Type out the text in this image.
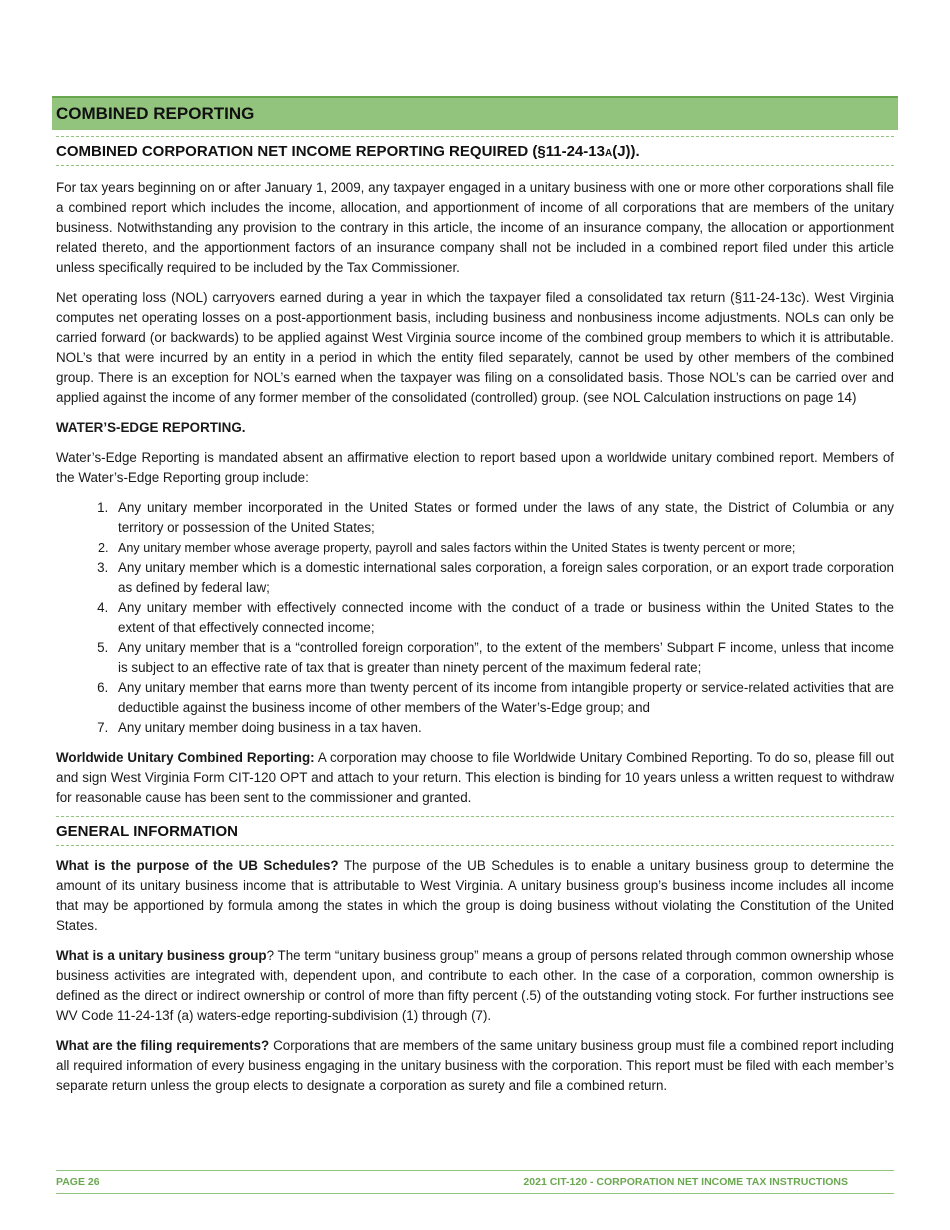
COMBINED REPORTING
COMBINED CORPORATION NET INCOME REPORTING REQUIRED (§11-24-13A(J)).

For tax years beginning on or after January 1, 2009, any taxpayer engaged in a unitary business with one or more other corporations shall file a combined report which includes the income, allocation, and apportionment of income of all corporations that are members of the unitary business. Notwithstanding any provision to the contrary in this article, the income of an insurance company, the allocation or apportionment related thereto, and the apportionment factors of an insurance company shall not be included in a combined report filed under this article unless specifically required to be included by the Tax Commissioner.

Net operating loss (NOL) carryovers earned during a year in which the taxpayer filed a consolidated tax return (§11-24-13c). West Virginia computes net operating losses on a post-apportionment basis, including business and nonbusiness income adjustments. NOLs can only be carried forward (or backwards) to be applied against West Virginia source income of the combined group members to which it is attributable. NOL’s that were incurred by an entity in a period in which the entity filed separately, cannot be used by other members of the combined group. There is an exception for NOL’s earned when the taxpayer was filing on a consolidated basis. Those NOL’s can be carried over and applied against the income of any former member of the consolidated (controlled) group. (see NOL Calculation instructions on page 14)

WATER’S-EDGE REPORTING.

Water’s-Edge Reporting is mandated absent an affirmative election to report based upon a worldwide unitary combined report. Members of the Water’s-Edge Reporting group include:

1. Any unitary member incorporated in the United States or formed under the laws of any state, the District of Columbia or any territory or possession of the United States;
2. Any unitary member whose average property, payroll and sales factors within the United States is twenty percent or more;
3. Any unitary member which is a domestic international sales corporation, a foreign sales corporation, or an export trade corporation as defined by federal law;
4. Any unitary member with effectively connected income with the conduct of a trade or business within the United States to the extent of that effectively connected income;
5. Any unitary member that is a “controlled foreign corporation”, to the extent of the members’ Subpart F income, unless that income is subject to an effective rate of tax that is greater than ninety percent of the maximum federal rate;
6. Any unitary member that earns more than twenty percent of its income from intangible property or service-related activities that are deductible against the business income of other members of the Water’s-Edge group; and
7. Any unitary member doing business in a tax haven.

Worldwide Unitary Combined Reporting: A corporation may choose to file Worldwide Unitary Combined Reporting. To do so, please fill out and sign West Virginia Form CIT-120 OPT and attach to your return. This election is binding for 10 years unless a written request to withdraw for reasonable cause has been sent to the commissioner and granted.

GENERAL INFORMATION

What is the purpose of the UB Schedules? The purpose of the UB Schedules is to enable a unitary business group to determine the amount of its unitary business income that is attributable to West Virginia. A unitary business group’s business income includes all income that may be apportioned by formula among the states in which the group is doing business without violating the Constitution of the United States.

What is a unitary business group? The term “unitary business group” means a group of persons related through common ownership whose business activities are integrated with, dependent upon, and contribute to each other. In the case of a corporation, common ownership is defined as the direct or indirect ownership or control of more than fifty percent (.5) of the outstanding voting stock. For further instructions see WV Code 11-24-13f (a) waters-edge reporting-subdivision (1) through (7).

What are the filing requirements? Corporations that are members of the same unitary business group must file a combined report including all required information of every business engaging in the unitary business with the corporation. This report must be filed with each member’s separate return unless the group elects to designate a corporation as surety and file a combined return.

PAGE 26	2021 CIT-120 - CORPORATION NET INCOME TAX INSTRUCTIONS
